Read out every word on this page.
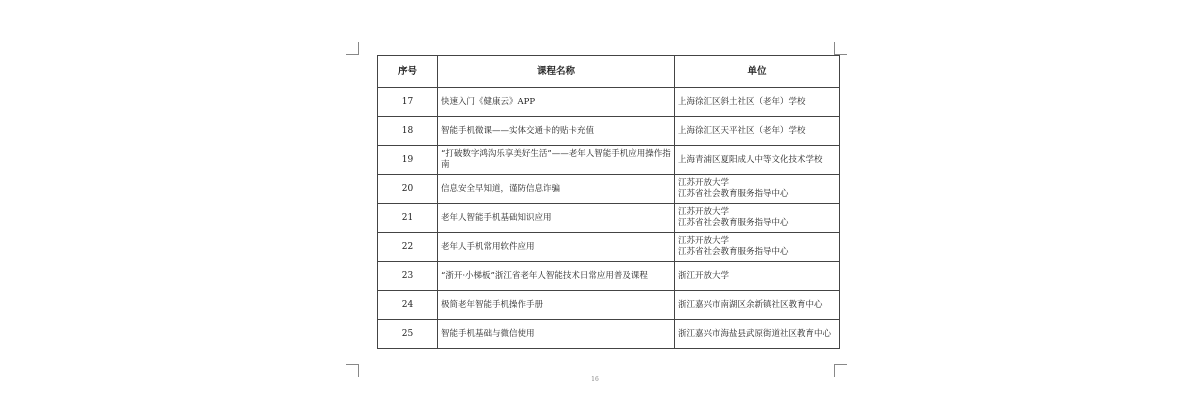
序号	课程名称	单位
17	快速入门《健康云》APP	上海徐汇区斜土社区（老年）学校
18	智能手机微课——实体交通卡的贴卡充值	上海徐汇区天平社区（老年）学校
19	“打破数字鸿沟乐享美好生活”——老年人智能手机应用操作指南	上海青浦区夏阳成人中等文化技术学校
20	信息安全早知道，谨防信息诈骗	江苏开放大学
江苏省社会教育服务指导中心
21	老年人智能手机基础知识应用	江苏开放大学
江苏省社会教育服务指导中心
22	老年人手机常用软件应用	江苏开放大学
江苏省社会教育服务指导中心
23	“浙开·小梯板”浙江省老年人智能技术日常应用普及课程	浙江开放大学
24	极简老年智能手机操作手册	浙江嘉兴市南湖区余新镇社区教育中心
25	智能手机基础与微信使用	浙江嘉兴市海盐县武原街道社区教育中心
16
